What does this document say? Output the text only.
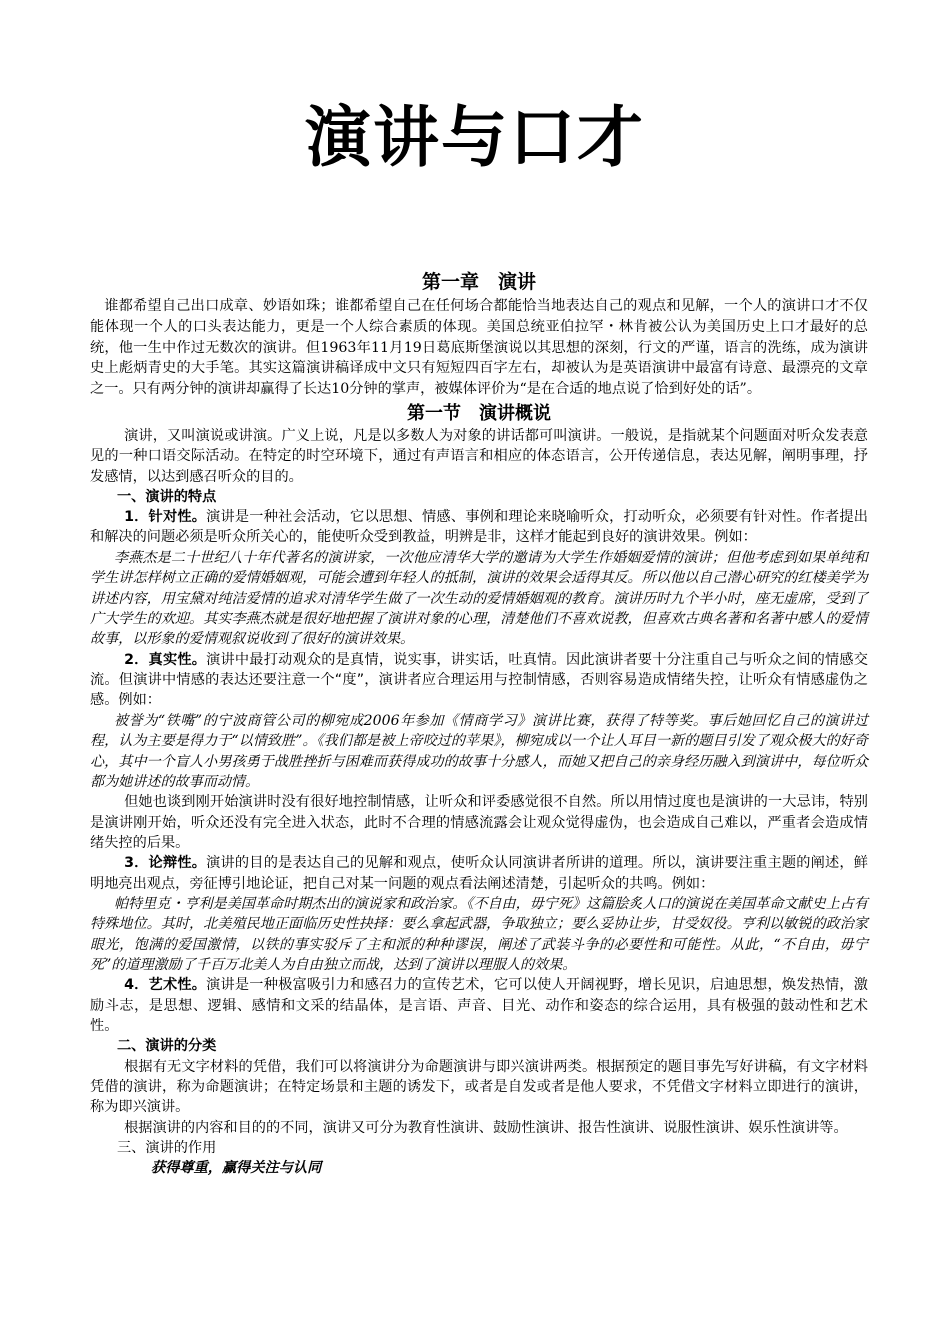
演讲与口才
第一章　演讲

谁都希望自己出口成章、妙语如珠；谁都希望自己在任何场合都能恰当地表达自己的观点和见解，一个人的演讲口才不仅能体现一个人的口头表达能力，更是一个人综合素质的体现。美国总统亚伯拉罕・林肯被公认为美国历史上口才最好的总统，他一生中作过无数次的演讲。但1963年11月19日葛底斯堡演说以其思想的深刻，行文的严谨，语言的洗练，成为演讲史上彪炳青史的大手笔。其实这篇演讲稿译成中文只有短短四百字左右，却被认为是英语演讲中最富有诗意、最漂亮的文章之一。只有两分钟的演讲却赢得了长达10分钟的掌声，被媒体评价为“是在合适的地点说了恰到好处的话”。

第一节　演讲概说

演讲，又叫演说或讲演。广义上说，凡是以多数人为对象的讲话都可叫演讲。一般说，是指就某个问题面对听众发表意见的一种口语交际活动。在特定的时空环境下，通过有声语言和相应的体态语言，公开传递信息，表达见解，阐明事理，抒发感情，以达到感召听众的目的。

一、演讲的特点

1．针对性。演讲是一种社会活动，它以思想、情感、事例和理论来晓喻听众，打动听众，必须要有针对性。作者提出和解决的问题必须是听众所关心的，能使听众受到教益，明辨是非，这样才能起到良好的演讲效果。例如：

李燕杰是二十世纪八十年代著名的演讲家，一次他应清华大学的邀请为大学生作婚姻爱情的演讲；但他考虑到如果单纯和学生讲怎样树立正确的爱情婚姻观，可能会遭到年轻人的抵制，演讲的效果会适得其反。所以他以自己潜心研究的红楼美学为讲述内容，用宝黛对纯洁爱情的追求对清华学生做了一次生动的爱情婚姻观的教育。演讲历时九个半小时，座无虚席，受到了广大学生的欢迎。其实李燕杰就是很好地把握了演讲对象的心理，清楚他们不喜欢说教，但喜欢古典名著和名著中感人的爱情故事，以形象的爱情观叙说收到了很好的演讲效果。

2．真实性。演讲中最打动观众的是真情，说实事，讲实话，吐真情。因此演讲者要十分注重自己与听众之间的情感交流。但演讲中情感的表达还要注意一个“度”，演讲者应合理运用与控制情感，否则容易造成情绪失控，让听众有情感虚伪之感。例如：

被誉为“铁嘴”的宁波商管公司的柳宛成2006年参加《情商学习》演讲比赛，获得了特等奖。事后她回忆自己的演讲过程，认为主要是得力于“以情致胜”。《我们都是被上帝咬过的苹果》，柳宛成以一个让人耳目一新的题目引发了观众极大的好奇心，其中一个盲人小男孩勇于战胜挫折与困难而获得成功的故事十分感人，而她又把自己的亲身经历融入到演讲中，每位听众都为她讲述的故事而动情。

但她也谈到刚开始演讲时没有很好地控制情感，让听众和评委感觉很不自然。所以用情过度也是演讲的一大忌讳，特别是演讲刚开始，听众还没有完全进入状态，此时不合理的情感流露会让观众觉得虚伪，也会造成自己难以，严重者会造成情绪失控的后果。

3．论辩性。演讲的目的是表达自己的见解和观点，使听众认同演讲者所讲的道理。所以，演讲要注重主题的阐述，鲜明地亮出观点，旁征博引地论证，把自己对某一问题的观点看法阐述清楚，引起听众的共鸣。例如：

帕特里克・亨利是美国革命时期杰出的演说家和政治家。《不自由，毋宁死》这篇脍炙人口的演说在美国革命文献史上占有特殊地位。其时，北美殖民地正面临历史性抉择：要么拿起武器，争取独立；要么妥协让步，甘受奴役。亨利以敏锐的政治家眼光，饱满的爱国激情，以铁的事实驳斥了主和派的种种谬误，阐述了武装斗争的必要性和可能性。从此，“不自由，毋宁死”的道理激励了千百万北美人为自由独立而战，达到了演讲以理服人的效果。

4．艺术性。演讲是一种极富吸引力和感召力的宣传艺术，它可以使人开阔视野，增长见识，启迪思想，焕发热情，激励斗志，是思想、逻辑、感情和文采的结晶体，是言语、声音、目光、动作和姿态的综合运用，具有极强的鼓动性和艺术性。

二、演讲的分类

根据有无文字材料的凭借，我们可以将演讲分为命题演讲与即兴演讲两类。根据预定的题目事先写好讲稿，有文字材料凭借的演讲，称为命题演讲；在特定场景和主题的诱发下，或者是自发或者是他人要求，不凭借文字材料立即进行的演讲，称为即兴演讲。

根据演讲的内容和目的的不同，演讲又可分为教育性演讲、鼓励性演讲、报告性演讲、说服性演讲、娱乐性演讲等。

三、演讲的作用

获得尊重，赢得关注与认同
